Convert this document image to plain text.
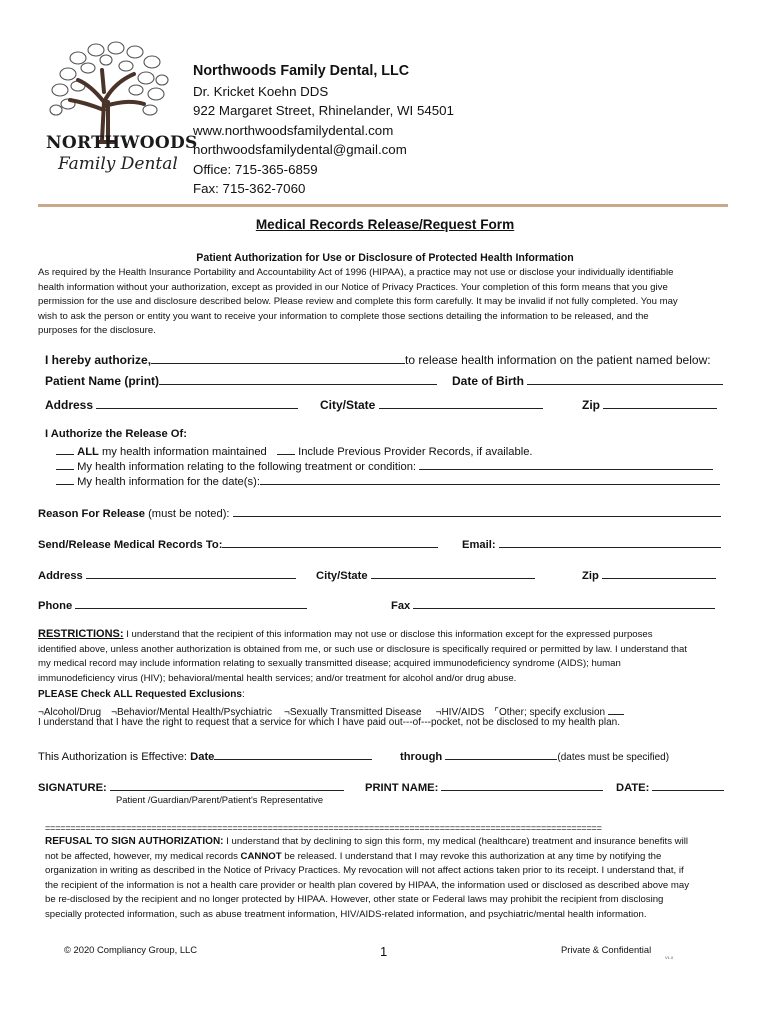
NORTHWOODS
Family Dental
Northwoods Family Dental, LLC
Dr. Kricket Koehn DDS
922 Margaret Street, Rhinelander, WI 54501
www.northwoodsfamilydental.com
northwoodsfamilydental@gmail.com
Office: 715-365-6859
Fax: 715-362-7060
Medical Records Release/Request Form
Patient Authorization for Use or Disclosure of Protected Health Information
As required by the Health Insurance Portability and Accountability Act of 1996 (HIPAA), a practice may not use or disclose your individually identifiable
health information without your authorization, except as provided in our Notice of Privacy Practices. Your completion of this form means that you give
permission for the use and disclosure described below. Please review and complete this form carefully. It may be invalid if not fully completed. You may
wish to ask the person or entity you want to receive your information to complete those sections detailing the information to be released, and the
purposes for the disclosure.
I hereby authorize,	to release health information on the patient named below:
Patient Name (print)	Date of Birth
Address	City/State	Zip
I Authorize the Release Of:
ALL my health information maintained	Include Previous Provider Records, if available.
My health information relating to the following treatment or condition:
My health information for the date(s):
Reason For Release (must be noted):
Send/Release Medical Records To:	Email:
Address	City/State	Zip
Phone	Fax
RESTRICTIONS: I understand that the recipient of this information may not use or disclose this information except for the expressed purposes
identified above, unless another authorization is obtained from me, or such use or disclosure is specifically required or permitted by law. I understand that
my medical record may include information relating to sexually transmitted disease; acquired immunodeficiency syndrome (AIDS); human
immunodeficiency virus (HIV); behavioral/mental health services; and/or treatment for alcohol and/or drug abuse.
PLEASE Check ALL Requested Exclusions:
¬Alcohol/Drug ¬Behavior/Mental Health/Psychiatric ¬Sexually Transmitted Disease ¬HIV/AIDS ⌜Other; specify exclusion
I understand that I have the right to request that a service for which I have paid out---of--‐pocket, not be disclosed to my health plan.
This Authorization is Effective: Date	through	(dates must be specified)
SIGNATURE:	PRINT NAME:	DATE:
Patient /Guardian/Parent/Patient's Representative
==============================================================================================================
REFUSAL TO SIGN AUTHORIZATION: I understand that by declining to sign this form, my medical (healthcare) treatment and insurance benefits will
not be affected, however, my medical records CANNOT be released. I understand that I may revoke this authorization at any time by notifying the
organization in writing as described in the Notice of Privacy Practices. My revocation will not affect actions taken prior to its receipt. I understand that, if
the recipient of the information is not a health care provider or health plan covered by HIPAA, the information used or disclosed as described above may
be re-disclosed by the recipient and no longer protected by HIPAA. However, other state or Federal laws may prohibit the recipient from disclosing
specially protected information, such as abuse treatment information, HIV/AIDS-related information, and psychiatric/mental health information.
© 2020 Compliancy Group, LLC	1	Private & Confidential
V1.0
